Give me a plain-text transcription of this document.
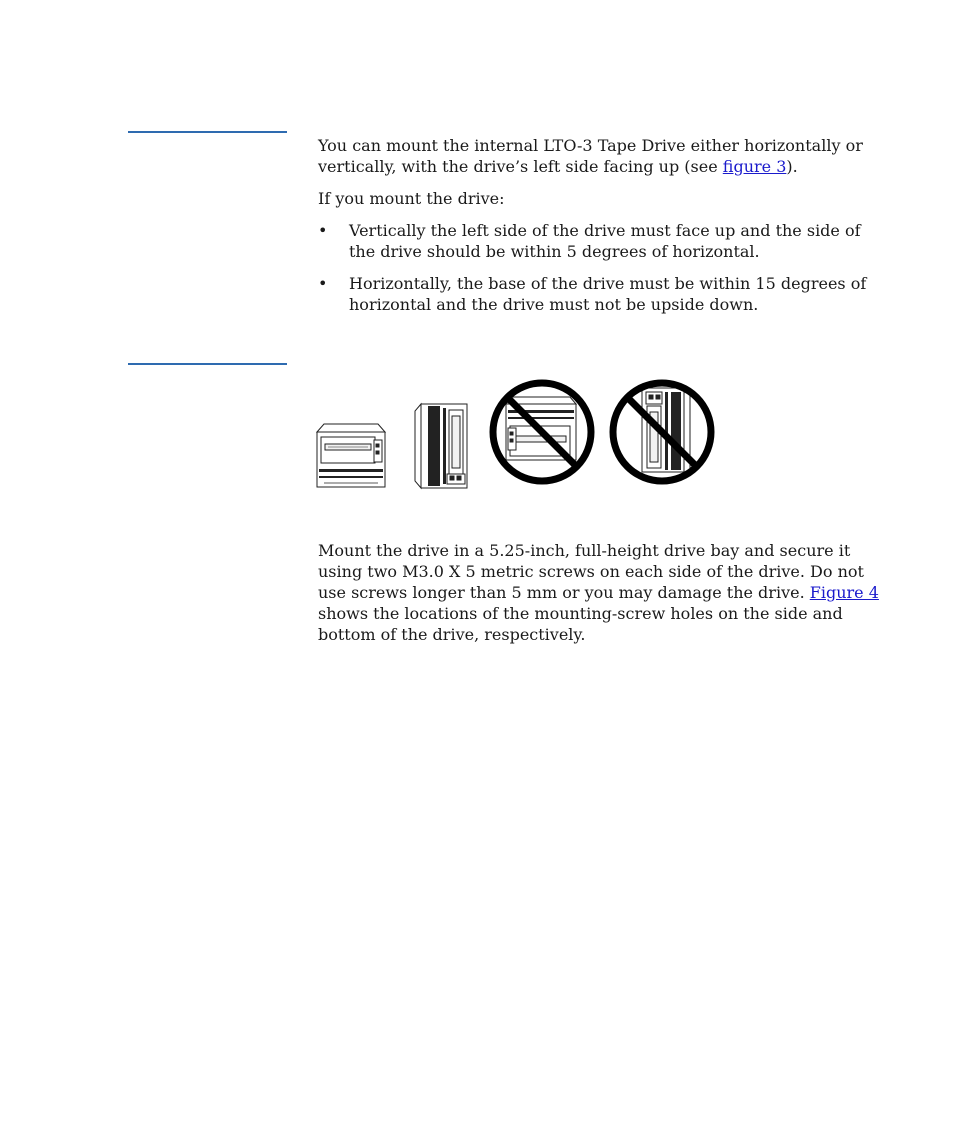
You can mount the internal LTO-3 Tape Drive either horizontally or vertically, with the drive’s left side facing up (see figure 3).

If you mount the drive:

• Vertically the left side of the drive must face up and the side of the drive should be within 5 degrees of horizontal.
• Horizontally, the base of the drive must be within 15 degrees of horizontal and the drive must not be upside down.

Mount the drive in a 5.25-inch, full-height drive bay and secure it using two M3.0 X 5 metric screws on each side of the drive. Do not use screws longer than 5 mm or you may damage the drive. Figure 4 shows the locations of the mounting-screw holes on the side and bottom of the drive, respectively.
